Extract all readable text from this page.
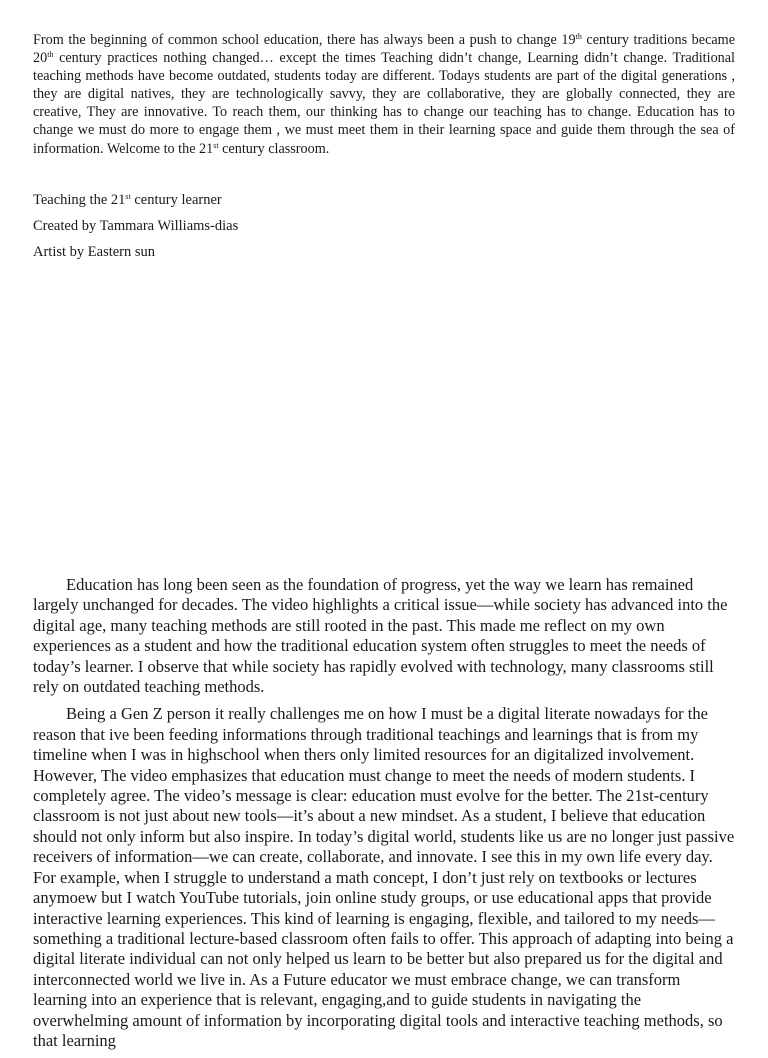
From the beginning of common school education, there has always been a push to change 19th century traditions became 20th century practices nothing changed… except the times Teaching didn’t change, Learning didn’t change. Traditional teaching methods have become outdated, students today are different. Todays students are part of the digital generations , they are digital natives, they are technologically savvy, they are collaborative, they are globally connected, they are creative, They are innovative. To reach them, our thinking has to change our teaching has to change. Education has to change we must do more to engage them , we must meet them in their learning space and guide them through the sea of information. Welcome to the 21st century classroom.

Teaching the 21st century learner
Created by Tammara Williams-dias
Artist by Eastern sun

Education has long been seen as the foundation of progress, yet the way we learn has remained largely unchanged for decades. The video highlights a critical issue—while society has advanced into the digital age, many teaching methods are still rooted in the past. This made me reflect on my own experiences as a student and how the traditional education system often struggles to meet the needs of today’s learner. I observe that while society has rapidly evolved with technology, many classrooms still rely on outdated teaching methods.

Being a Gen Z person it really challenges me on how I must be a digital literate nowadays for the reason that ive been feeding informations through traditional teachings and learnings that is from my timeline when I was in highschool when thers only limited resources for an digitalized involvement. However, The video emphasizes that education must change to meet the needs of modern students. I completely agree. The video’s message is clear: education must evolve for the better. The 21st-century classroom is not just about new tools—it’s about a new mindset. As a student, I believe that education should not only inform but also inspire. In today’s digital world, students like us are no longer just passive receivers of information—we can create, collaborate, and innovate. I see this in my own life every day. For example, when I struggle to understand a math concept, I don’t just rely on textbooks or lectures anymoew but I watch YouTube tutorials, join online study groups, or use educational apps that provide interactive learning experiences. This kind of learning is engaging, flexible, and tailored to my needs—something a traditional lecture-based classroom often fails to offer. This approach of adapting into being a digital literate individual can not only helped us learn to be better but also prepared us for the digital and interconnected world we live in. As a Future educator we must embrace change, we can transform learning into an experience that is relevant, engaging,and to guide students in navigating the overwhelming amount of information by incorporating digital tools and interactive teaching methods, so that learning
